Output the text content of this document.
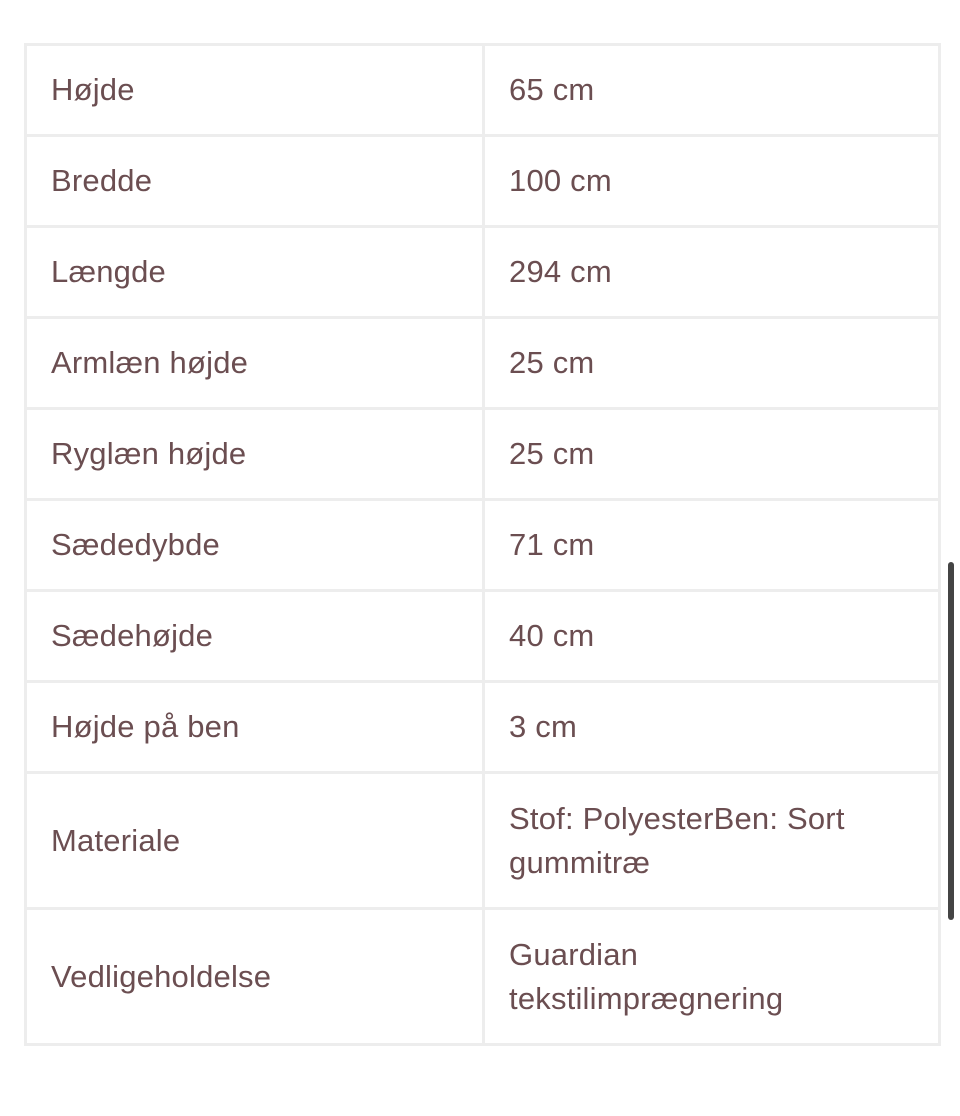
Højde	65 cm
Bredde	100 cm
Længde	294 cm
Armlæn højde	25 cm
Ryglæn højde	25 cm
Sædedybde	71 cm
Sædehøjde	40 cm
Højde på ben	3 cm
Materiale	Stof: PolyesterBen: Sort gummitræ
Vedligeholdelse	Guardian tekstilimprægnering
